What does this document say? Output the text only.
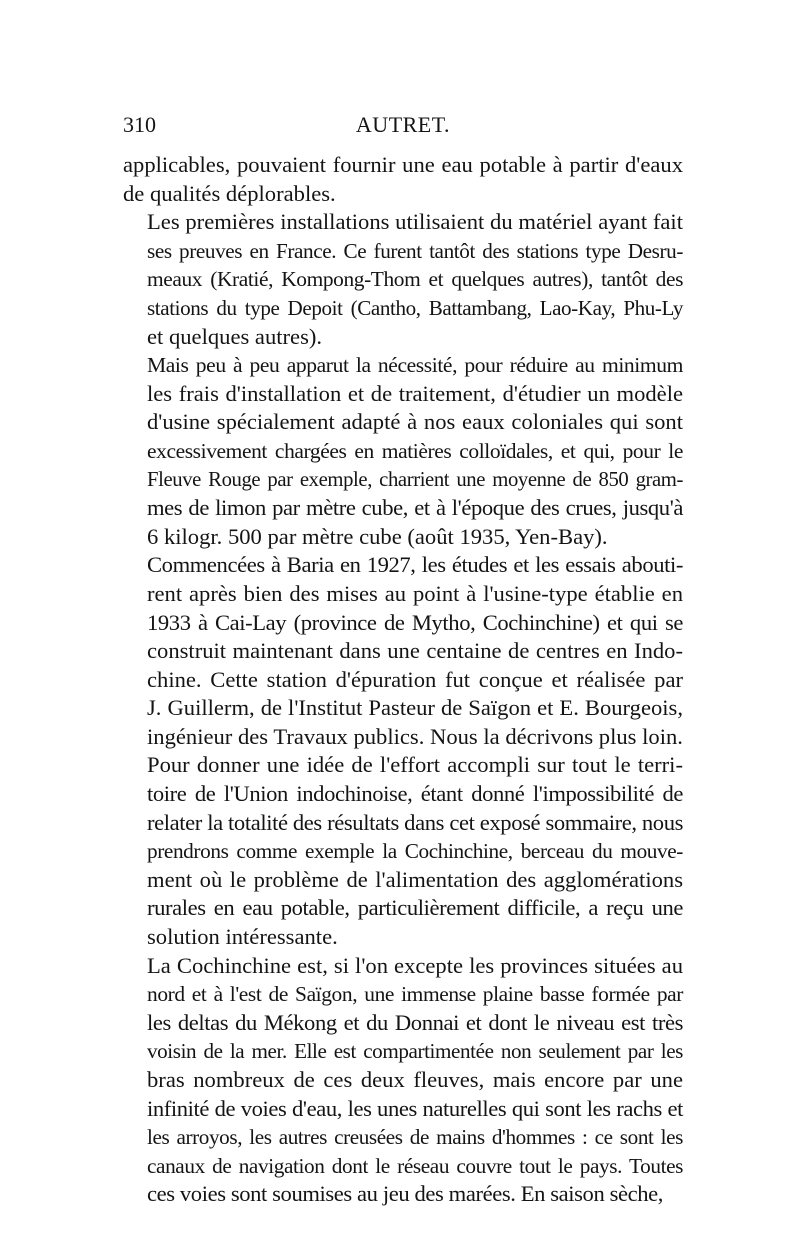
310	AUTRET.

applicables, pouvaient fournir une eau potable à partir d'eaux
de qualités déplorables.

Les premières installations utilisaient du matériel ayant fait
ses preuves en France. Ce furent tantôt des stations type Desru-
meaux (Kratié, Kompong-Thom et quelques autres), tantôt des
stations du type Depoit (Cantho, Battambang, Lao-Kay, Phu-Ly
et quelques autres).

Mais peu à peu apparut la nécessité, pour réduire au minimum
les frais d'installation et de traitement, d'étudier un modèle
d'usine spécialement adapté à nos eaux coloniales qui sont
excessivement chargées en matières colloïdales, et qui, pour le
Fleuve Rouge par exemple, charrient une moyenne de 850 gram-
mes de limon par mètre cube, et à l'époque des crues, jusqu'à
6 kilogr. 500 par mètre cube (août 1935, Yen-Bay).

Commencées à Baria en 1927, les études et les essais abouti-
rent après bien des mises au point à l'usine-type établie en
1933 à Cai-Lay (province de Mytho, Cochinchine) et qui se
construit maintenant dans une centaine de centres en Indo-
chine. Cette station d'épuration fut conçue et réalisée par
J. Guillerm, de l'Institut Pasteur de Saïgon et E. Bourgeois,
ingénieur des Travaux publics. Nous la décrivons plus loin.

Pour donner une idée de l'effort accompli sur tout le terri-
toire de l'Union indochinoise, étant donné l'impossibilité de
relater la totalité des résultats dans cet exposé sommaire, nous
prendrons comme exemple la Cochinchine, berceau du mouve-
ment où le problème de l'alimentation des agglomérations
rurales en eau potable, particulièrement difficile, a reçu une
solution intéressante.

La Cochinchine est, si l'on excepte les provinces situées au
nord et à l'est de Saïgon, une immense plaine basse formée par
les deltas du Mékong et du Donnai et dont le niveau est très
voisin de la mer. Elle est compartimentée non seulement par les
bras nombreux de ces deux fleuves, mais encore par une
infinité de voies d'eau, les unes naturelles qui sont les rachs et
les arroyos, les autres creusées de mains d'hommes : ce sont les
canaux de navigation dont le réseau couvre tout le pays. Toutes
ces voies sont soumises au jeu des marées. En saison sèche,
